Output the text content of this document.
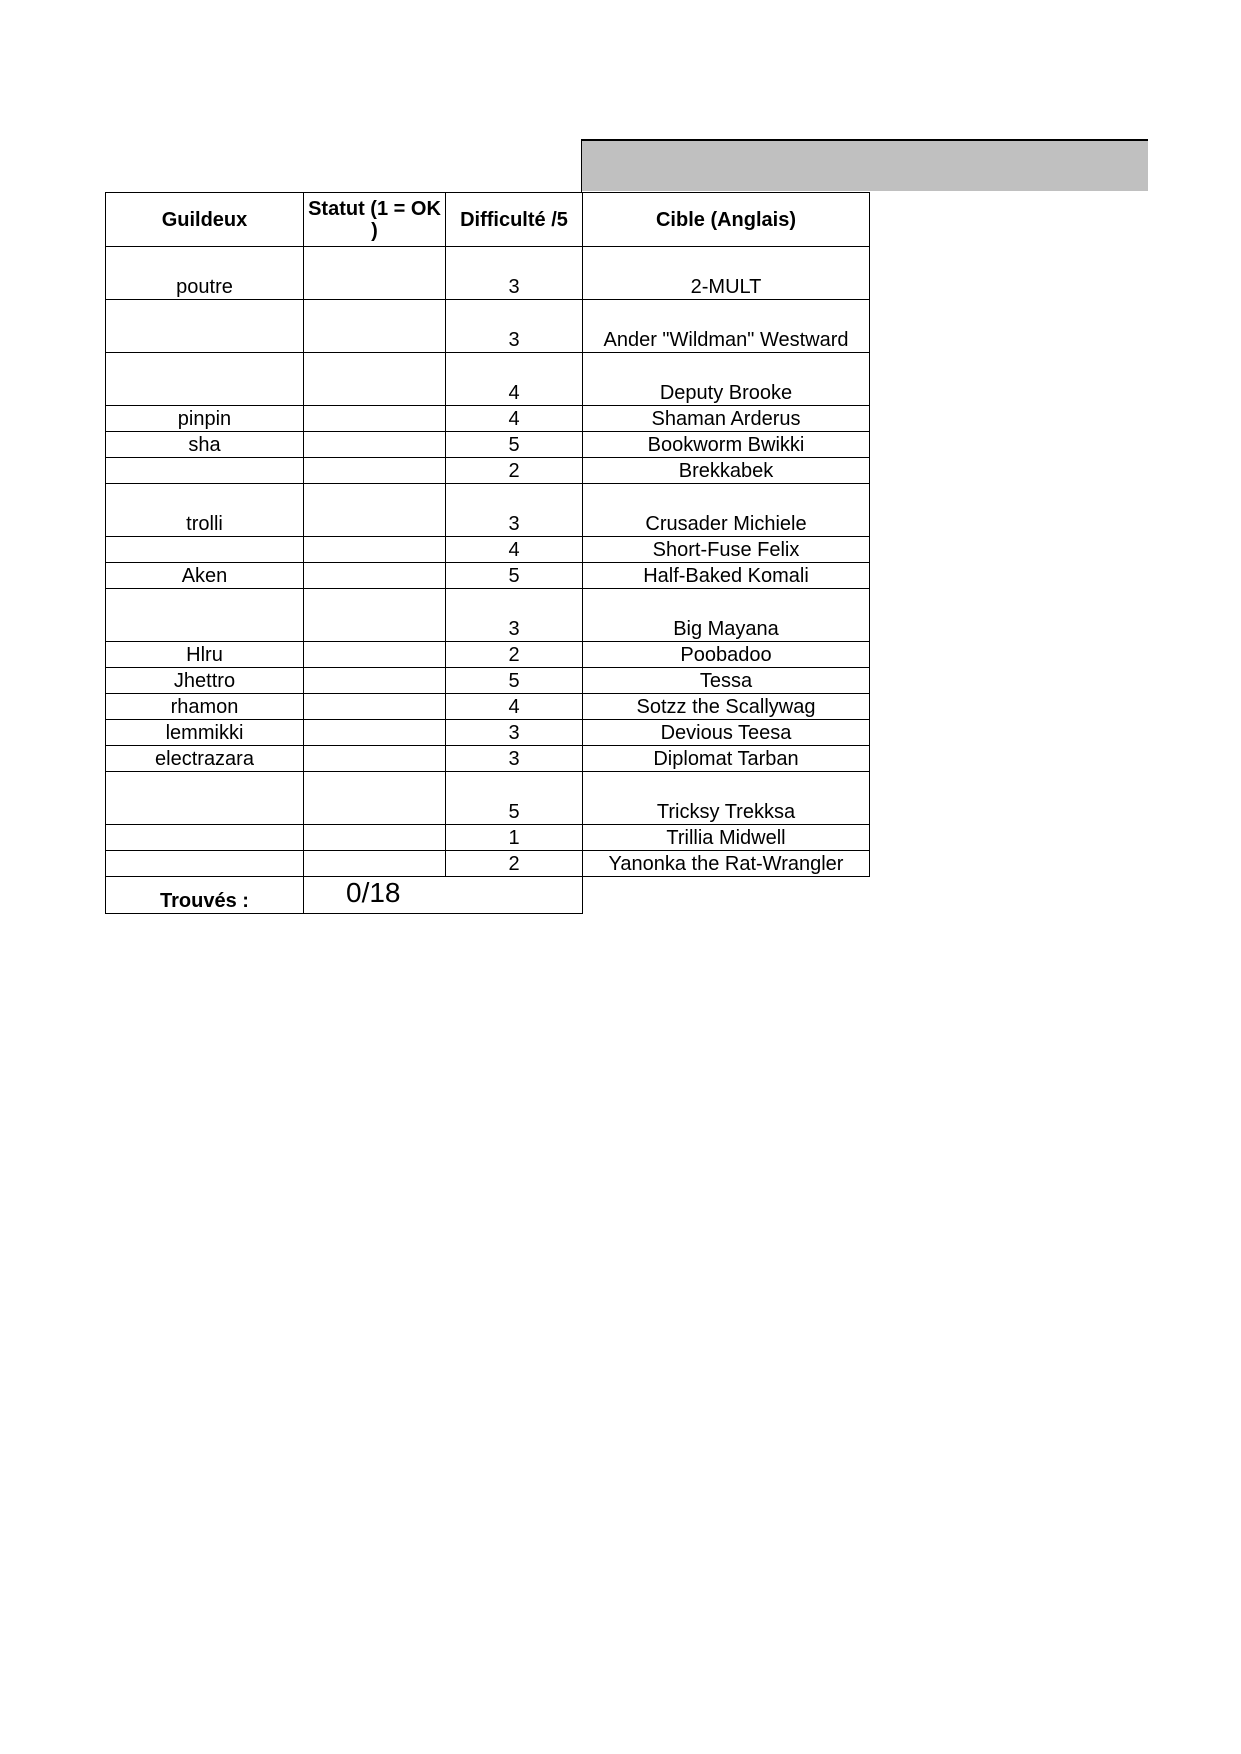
Guildeux	Statut (1 = OK )	Difficulté /5	Cible (Anglais)
poutre		3	2-MULT
		3	Ander "Wildman" Westward
		4	Deputy Brooke
pinpin		4	Shaman Arderus
sha		5	Bookworm Bwikki
		2	Brekkabek
trolli		3	Crusader Michiele
		4	Short-Fuse Felix
Aken		5	Half-Baked Komali
		3	Big Mayana
Hlru		2	Poobadoo
Jhettro		5	Tessa
rhamon		4	Sotzz the Scallywag
lemmikki		3	Devious Teesa
electrazara		3	Diplomat Tarban
		5	Tricksy Trekksa
		1	Trillia Midwell
		2	Yanonka the Rat-Wrangler
Trouvés :	0/18		
